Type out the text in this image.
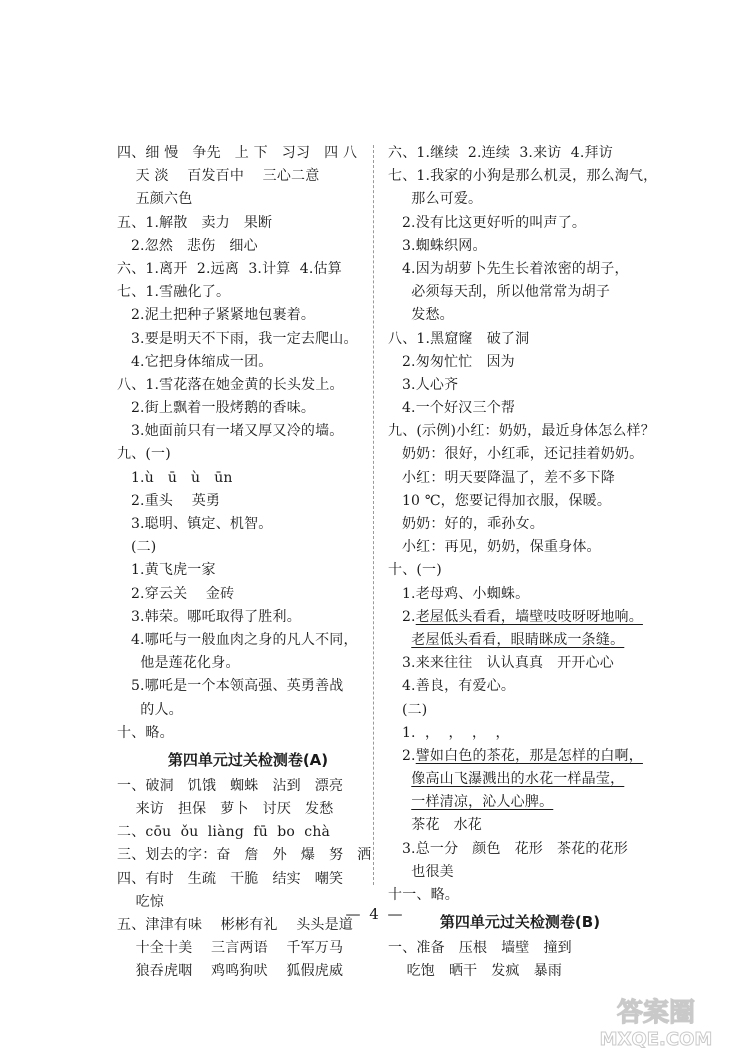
四、细 慢   争先   上 下   习习   四 八
天 淡    百发百中    三心二意
五颜六色
五、1.解散   卖力   果断
2.忽然   悲伤   细心
六、1.离开  2.远离  3.计算  4.估算
七、1.雪融化了。
2.泥土把种子紧紧地包裹着。
3.要是明天不下雨，我一定去爬山。
4.它把身体缩成一团。
八、1.雪花落在她金黄的长头发上。
2.街上飘着一股烤鹅的香味。
3.她面前只有一堵又厚又冷的墙。
九、(一)
1.ù   ū   ù   ūn
2.重头    英勇
3.聪明、镇定、机智。
(二)
1.黄飞虎一家
2.穿云关    金砖
3.韩荣。哪吒取得了胜利。
4.哪吒与一般血肉之身的凡人不同，
他是莲花化身。
5.哪吒是一个本领高强、英勇善战
的人。
十、略。
第四单元过关检测卷(A)
一、破洞   饥饿   蜘蛛   沾到   漂亮
来访   担保   萝卜   讨厌   发愁
二、cōu  ǒu  liàng  fū  bo  chà
三、划去的字：奋   詹   外   爆   努   洒
四、有时   生疏   干脆   结实   嘲笑
吃惊
五、津津有味    彬彬有礼    头头是道
十全十美    三言两语    千军万马
狼吞虎咽    鸡鸣狗吠    狐假虎威
六、1.继续  2.连续  3.来访  4.拜访
七、1.我家的小狗是那么机灵，那么淘气，
那么可爱。
2.没有比这更好听的叫声了。
3.蜘蛛织网。
4.因为胡萝卜先生长着浓密的胡子，
必须每天刮，所以他常常为胡子
发愁。
八、1.黑窟窿   破了洞
2.匆匆忙忙   因为
3.人心齐
4.一个好汉三个帮
九、(示例)小红：奶奶，最近身体怎么样？
奶奶：很好，小红乖，还记挂着奶奶。
小红：明天要降温了，差不多下降
10 ℃，您要记得加衣服，保暖。
奶奶：好的，乖孙女。
小红：再见，奶奶，保重身体。
十、(一)
1.老母鸡、小蜘蛛。
2.老屋低头看看，墙壁吱吱呀呀地响。
老屋低头看看，眼睛眯成一条缝。
3.来来往往   认认真真   开开心心
4.善良，有爱心。
(二)
1.  ，  ，  ，  ，
2.譬如白色的茶花，那是怎样的白啊，
像高山飞瀑溅出的水花一样晶莹，
一样清凉，沁人心脾。
茶花   水花
3.总一分   颜色   花形   茶花的花形
也很美
十一、略。
第四单元过关检测卷(B)
一、准备   压根   墙壁   撞到
吃饱   晒干   发疯   暴雨
— 4 —
答案圈
MXQE.COM
